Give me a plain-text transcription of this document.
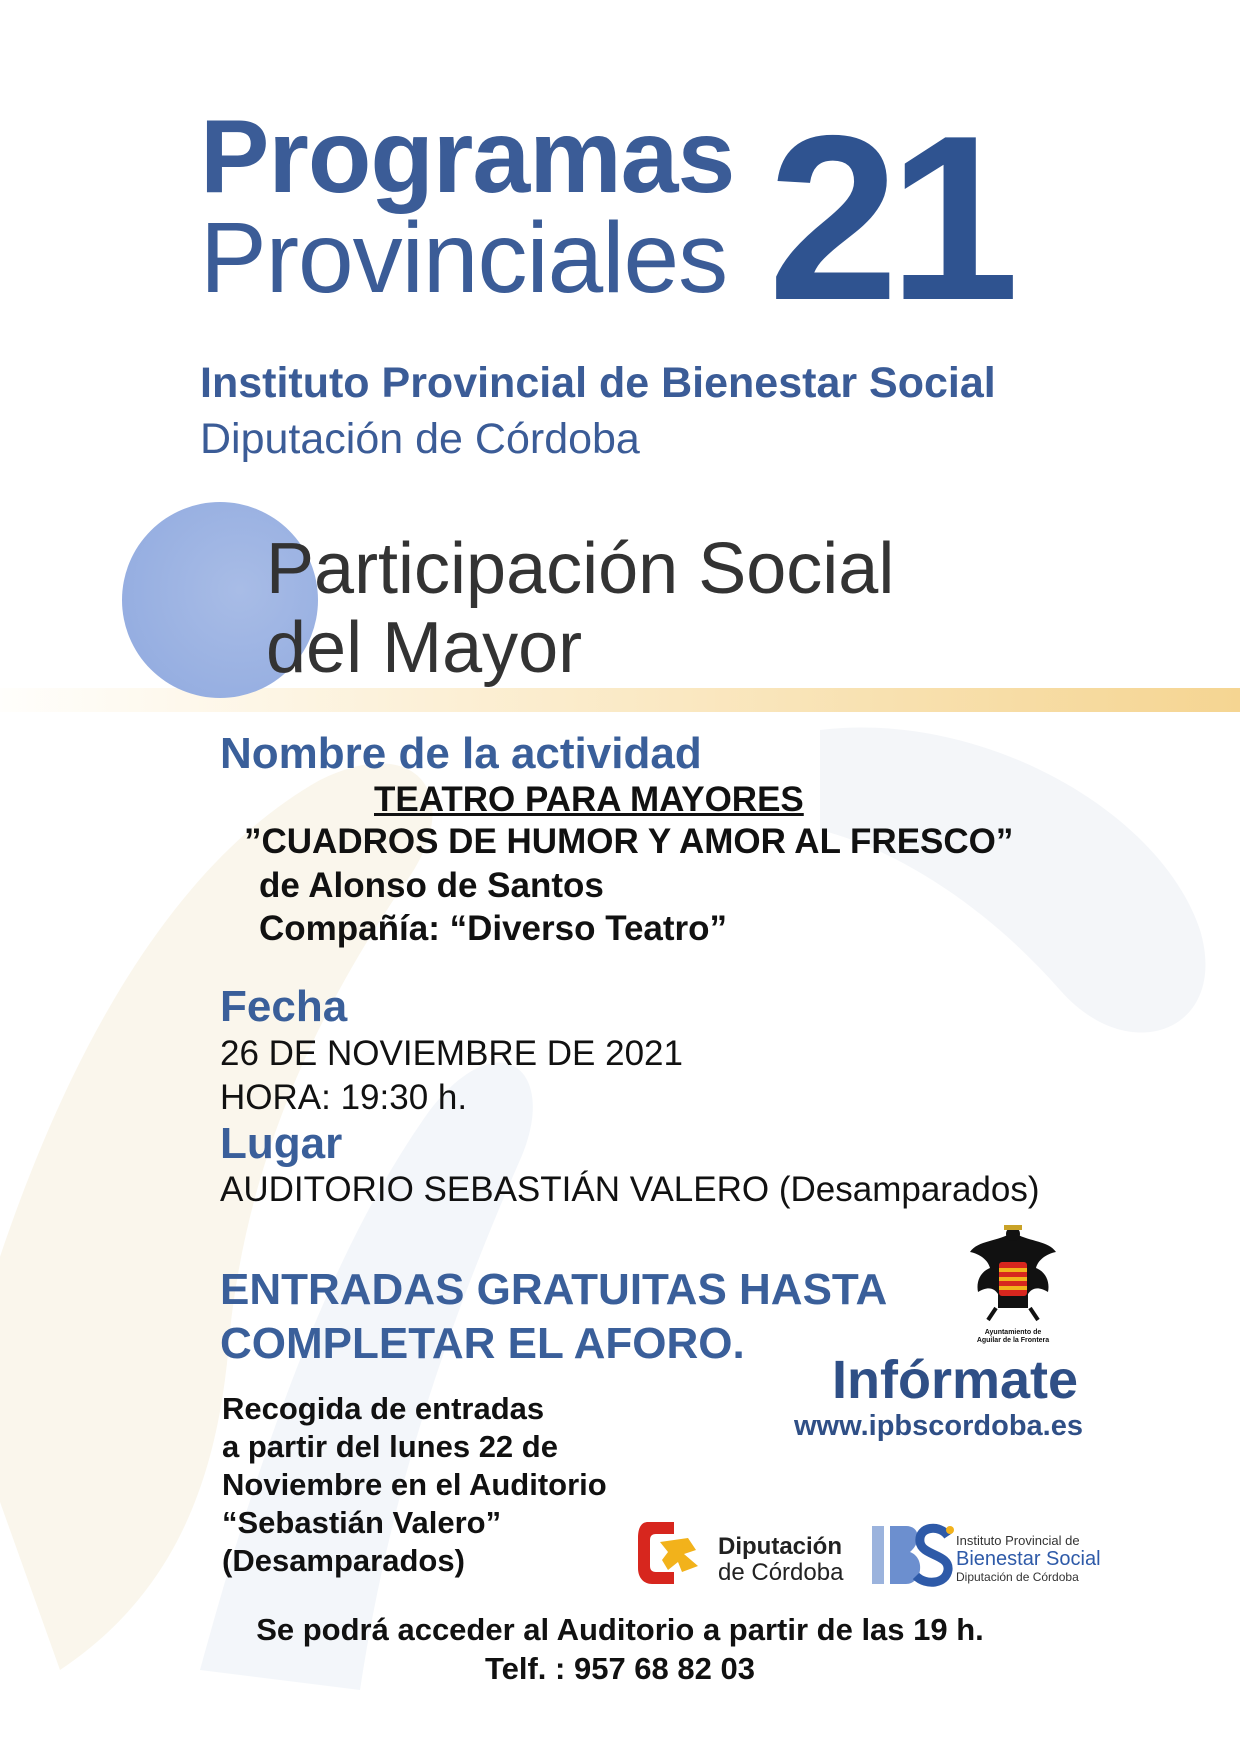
Programas
Provinciales 21
Instituto Provincial de Bienestar Social
Diputación de Córdoba
Participación Social
del Mayor
Nombre de la actividad
TEATRO PARA MAYORES
”CUADROS DE HUMOR Y AMOR AL FRESCO”
de Alonso de Santos
Compañía: “Diverso Teatro”
Fecha
26 DE NOVIEMBRE DE 2021
HORA: 19:30 h.
Lugar
AUDITORIO SEBASTIÁN VALERO (Desamparados)
ENTRADAS GRATUITAS HASTA
COMPLETAR EL AFORO.
Recogida de entradas
a partir del lunes 22 de
Noviembre en el Auditorio
“Sebastián Valero”
(Desamparados)
Ayuntamiento de
Aguilar de la Frontera
Infórmate
www.ipbscordoba.es
Diputación
de Córdoba
Instituto Provincial de
Bienestar Social
Diputación de Córdoba
Se podrá acceder al Auditorio a partir de las 19 h.
Telf. : 957 68 82 03
